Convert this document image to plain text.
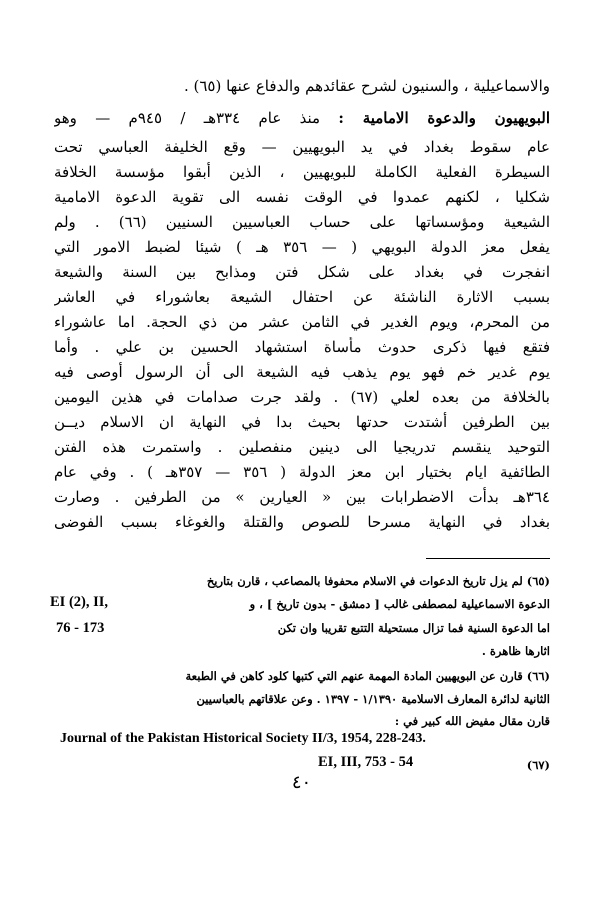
والاسماعيلية ، والسنيون لشرح عقائدهم والدفاع عنها (٦٥) .
البويهيون والدعوة الامامية : منذ عام ٣٣٤هـ / ٩٤٥م — وهو
عام سقوط بغداد في يد البويهيين — وقع الخليفة العباسي تحت
السيطرة الفعلية الكاملة للبويهيين ، الذين أبقوا مؤسسة الخلافة
شكليا ، لكنهم عمدوا في الوقت نفسه الى تقوية الدعوة الامامية
الشيعية ومؤسساتها على حساب العباسيين السنيين (٦٦) . ولم
يفعل معز الدولة البويهي ( — ٣٥٦ هـ ) شيئا لضبط الامور التي
انفجرت في بغداد على شكل فتن ومذابح بين السنة والشيعة
بسبب الاثارة الناشئة عن احتفال الشيعة بعاشوراء في العاشر
من المحرم، ويوم الغدير في الثامن عشر من ذي الحجة. اما عاشوراء
فتقع فيها ذكرى حدوث مأساة استشهاد الحسين بن علي . وأما
يوم غدير خم فهو يوم يذهب فيه الشيعة الى أن الرسول أوصى فيه
بالخلافة من بعده لعلي (٦٧) . ولقد جرت صدامات في هذين اليومين
بين الطرفين أشتدت حدتها بحيث بدا في النهاية ان الاسلام ديــن
التوحيد ينقسم تدريجيا الى دينين منفصلين . واستمرت هذه الفتن
الطائفية ايام بختيار ابن معز الدولة ( ٣٥٦ — ٣٥٧هـ ) . وفي عام
٣٦٤هـ بدأت الاضطرابات بين « العيارين » من الطرفين . وصارت
بغداد في النهاية مسرحا للصوص والقتلة والغوغاء بسبب الفوضى
(٦٥) لم يزل تاريخ الدعوات في الاسلام محفوفا بالمصاعب ، قارن بتاريخ
الدعوة الاسماعيلية لمصطفى غالب [ دمشق - بدون تاريخ ] ، و
EI (2), II,
76 - 173	اما الدعوة السنية فما تزال مستحيلة التتبع تقريبا وان تكن
اثارها ظاهرة .
(٦٦) قارن عن البويهيين المادة المهمة عنهم التي كتبها كلود كاهن في الطبعة
الثانية لدائرة المعارف الاسلامية ١/١٣٩٠ - ١٣٩٧ . وعن علاقاتهم بالعباسيين
قارن مقال مفيض الله كبير في :
Journal of the Pakistan Historical Society II/3, 1954, 228-243.
EI, III, 753 - 54	(٦٧)
٤٠
